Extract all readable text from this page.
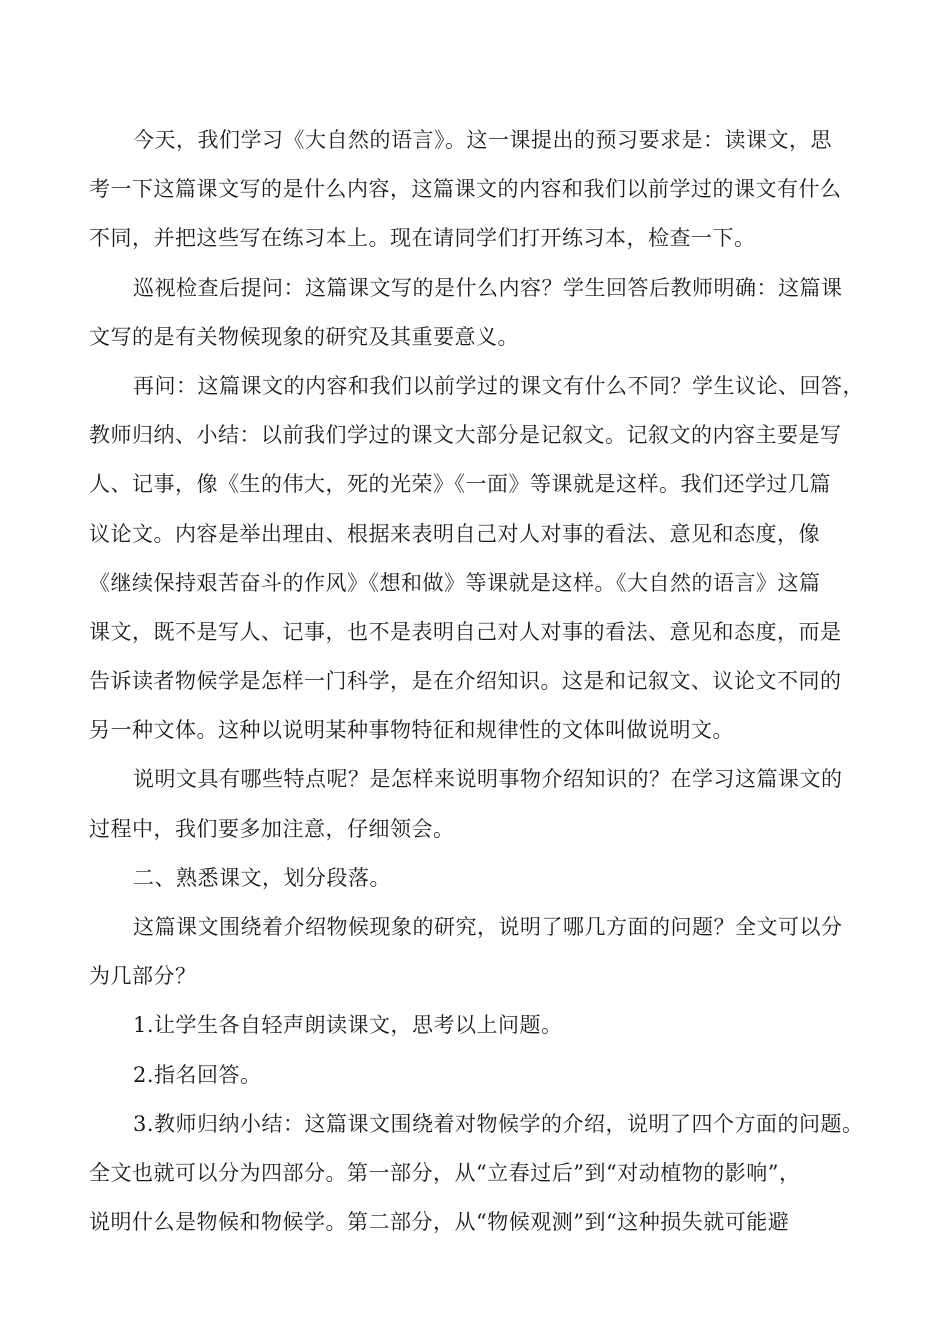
今天，我们学习《大自然的语言》。这一课提出的预习要求是：读课文，思
考一下这篇课文写的是什么内容，这篇课文的内容和我们以前学过的课文有什么
不同，并把这些写在练习本上。现在请同学们打开练习本，检查一下。
巡视检查后提问：这篇课文写的是什么内容？学生回答后教师明确：这篇课
文写的是有关物候现象的研究及其重要意义。
再问：这篇课文的内容和我们以前学过的课文有什么不同？学生议论、回答，
教师归纳、小结：以前我们学过的课文大部分是记叙文。记叙文的内容主要是写
人、记事，像《生的伟大，死的光荣》《一面》等课就是这样。我们还学过几篇
议论文。内容是举出理由、根据来表明自己对人对事的看法、意见和态度，像
《继续保持艰苦奋斗的作风》《想和做》等课就是这样。《大自然的语言》这篇
课文，既不是写人、记事，也不是表明自己对人对事的看法、意见和态度，而是
告诉读者物候学是怎样一门科学，是在介绍知识。这是和记叙文、议论文不同的
另一种文体。这种以说明某种事物特征和规律性的文体叫做说明文。
说明文具有哪些特点呢？是怎样来说明事物介绍知识的？在学习这篇课文的
过程中，我们要多加注意，仔细领会。
二、熟悉课文，划分段落。
这篇课文围绕着介绍物候现象的研究，说明了哪几方面的问题？全文可以分
为几部分？
1.让学生各自轻声朗读课文，思考以上问题。
2.指名回答。
3.教师归纳小结：这篇课文围绕着对物候学的介绍，说明了四个方面的问题。
全文也就可以分为四部分。第一部分，从“立春过后”到“对动植物的影响”，
说明什么是物候和物候学。第二部分，从“物候观测”到“这种损失就可能避
